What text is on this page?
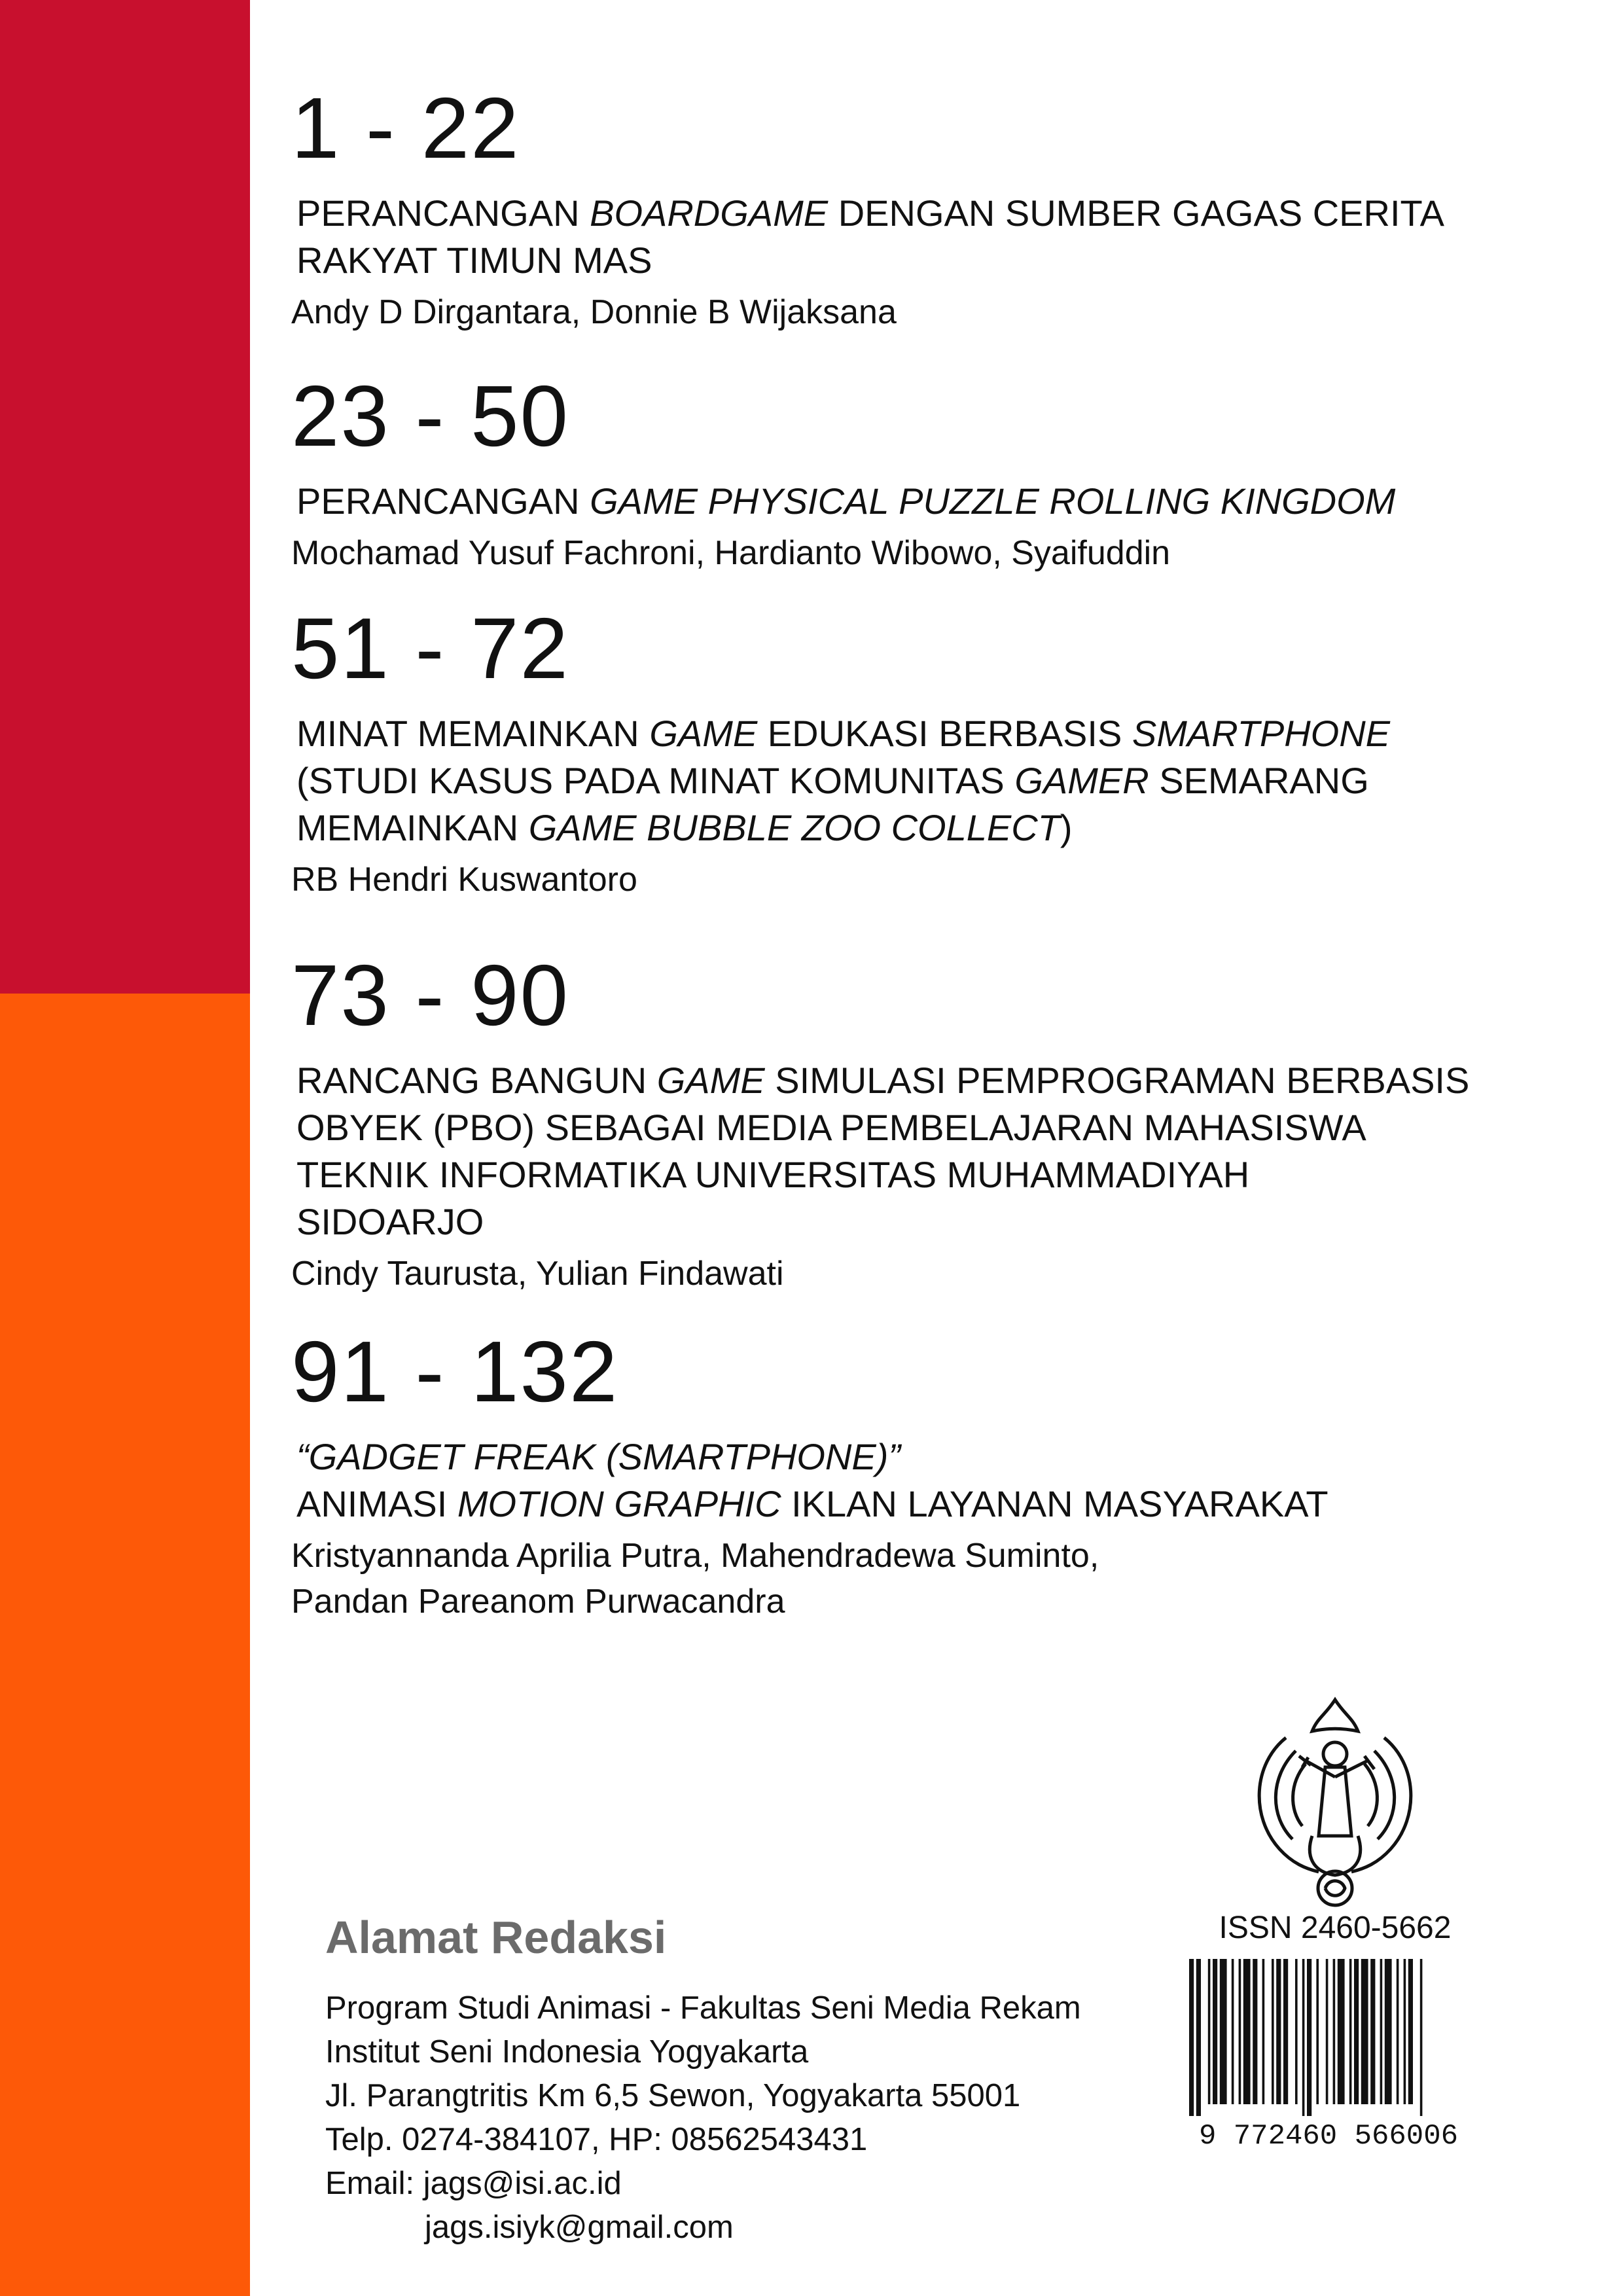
1 - 22
PERANCANGAN BOARDGAME DENGAN SUMBER GAGAS CERITA
RAKYAT TIMUN MAS
Andy D Dirgantara, Donnie B Wijaksana
23 - 50
PERANCANGAN GAME PHYSICAL PUZZLE ROLLING KINGDOM
Mochamad Yusuf Fachroni, Hardianto Wibowo, Syaifuddin
51 - 72
MINAT MEMAINKAN GAME EDUKASI BERBASIS SMARTPHONE
(STUDI KASUS PADA MINAT KOMUNITAS GAMER SEMARANG
MEMAINKAN GAME BUBBLE ZOO COLLECT)
RB Hendri Kuswantoro
73 - 90
RANCANG BANGUN GAME SIMULASI PEMPROGRAMAN BERBASIS
OBYEK (PBO) SEBAGAI MEDIA PEMBELAJARAN MAHASISWA
TEKNIK INFORMATIKA UNIVERSITAS MUHAMMADIYAH
SIDOARJO
Cindy Taurusta, Yulian Findawati
91 - 132
“GADGET FREAK (SMARTPHONE)”
ANIMASI MOTION GRAPHIC IKLAN LAYANAN MASYARAKAT
Kristyannanda Aprilia Putra, Mahendradewa Suminto,
Pandan Pareanom Purwacandra
ISSN 2460-5662
9 772460 566006
Alamat Redaksi
Program Studi Animasi - Fakultas Seni Media Rekam
Institut Seni Indonesia Yogyakarta
Jl. Parangtritis Km 6,5 Sewon, Yogyakarta 55001
Telp. 0274-384107, HP: 08562543431
Email: jags@isi.ac.id
jags.isiyk@gmail.com
